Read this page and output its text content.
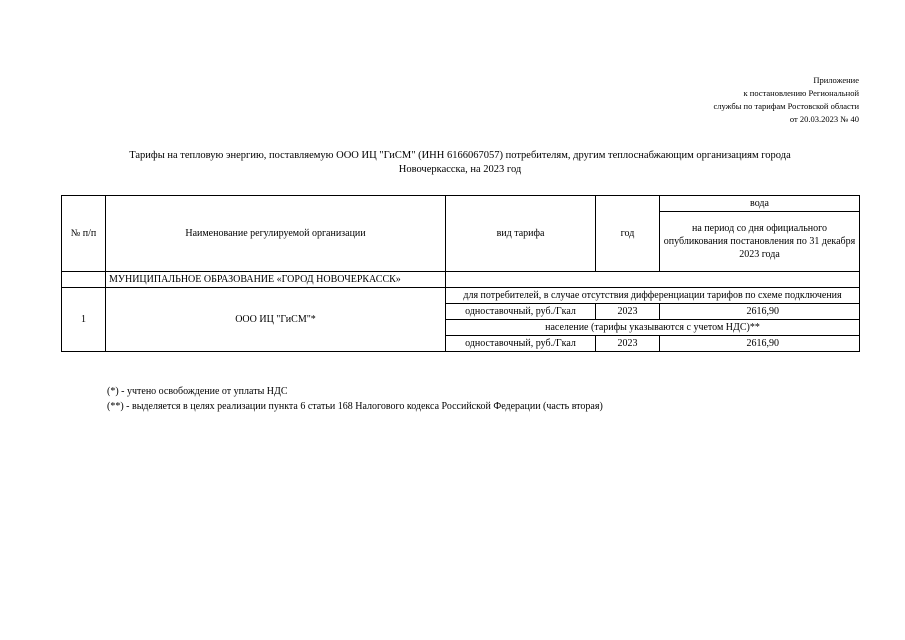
Приложение
к постановлению Региональной
службы по тарифам Ростовской области
от 20.03.2023 № 40
Тарифы на тепловую энергию, поставляемую ООО ИЦ "ГиСМ" (ИНН 6166067057) потребителям, другим теплоснабжающим организациям города
Новочеркасска, на 2023 год
№ п/п	Наименование регулируемой организации	вид тарифа	год	вода
				на период со дня официального опубликования постановления по 31 декабря 2023 года
	МУНИЦИПАЛЬНОЕ ОБРАЗОВАНИЕ «ГОРОД НОВОЧЕРКАССК»			
1	ООО ИЦ "ГиСМ"*	для потребителей, в случае отсутствия дифференциации тарифов по схеме подключения		
		одноставочный, руб./Гкал	2023	2616,90
		население (тарифы указываются с учетом НДС)**		
		одноставочный, руб./Гкал	2023	2616,90
(*) - учтено освобождение от уплаты НДС
(**) - выделяется в целях реализации пункта 6 статьи 168 Налогового кодекса Российской Федерации (часть вторая)
